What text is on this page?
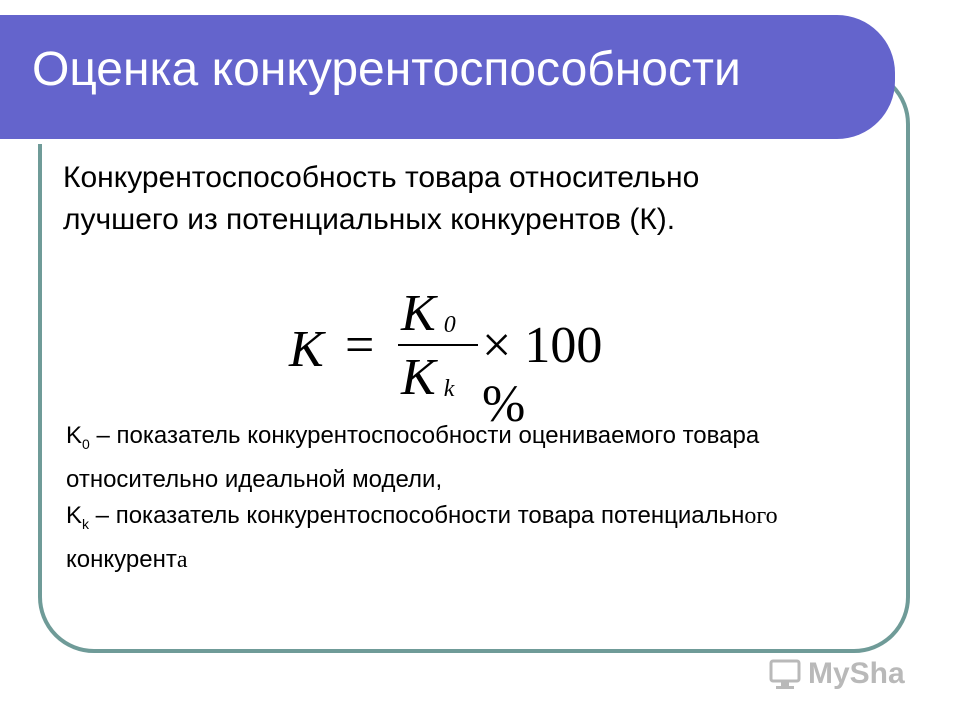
Оценка конкурентоспособности

Конкурентоспособность товара относительно лучшего из потенциальных конкурентов (К).

K =
K $_0$
K $_k$
× 100 %

$K_0$ – показатель конкурентоспособности оцениваемого товара относительно идеальной модели,
$K_k$ – показатель конкурентоспособности товара потенциального конкурента

MySha
